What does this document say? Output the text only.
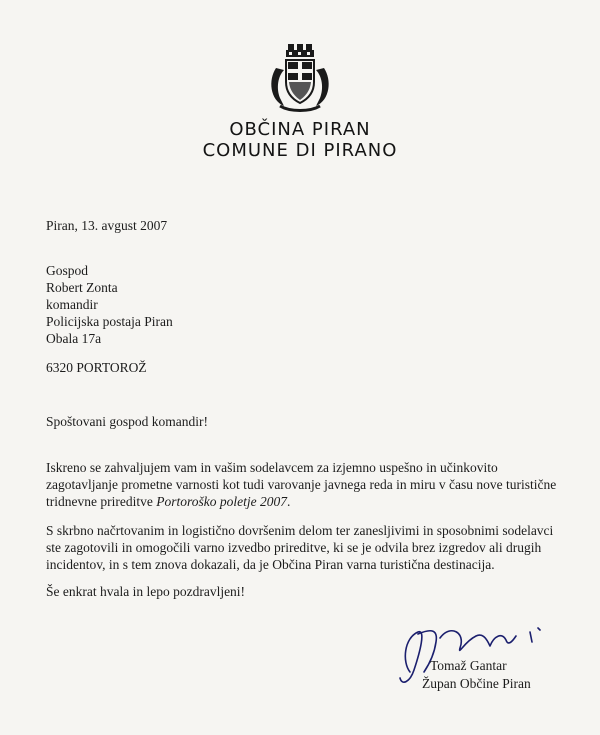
OBČINA PIRAN
COMUNE DI PIRANO
Piran, 13. avgust 2007
Gospod
Robert Zonta
komandir
Policijska postaja Piran
Obala 17a
6320 PORTOROŽ
Spoštovani gospod komandir!
Iskreno se zahvaljujem vam in vašim sodelavcem za izjemno uspešno in učinkovito
zagotavljanje prometne varnosti kot tudi varovanje javnega reda in miru v času nove turistične
tridnevne prireditve Portoroško poletje 2007.
S skrbno načrtovanim in logistično dovršenim delom ter zanesljivimi in sposobnimi sodelavci
ste zagotovili in omogočili varno izvedbo prireditve, ki se je odvila brez izgredov ali drugih
incidentov, in s tem znova dokazali, da je Občina Piran varna turistična destinacija.
Še enkrat hvala in lepo pozdravljeni!
Tomaž Gantar
Župan Občine Piran
